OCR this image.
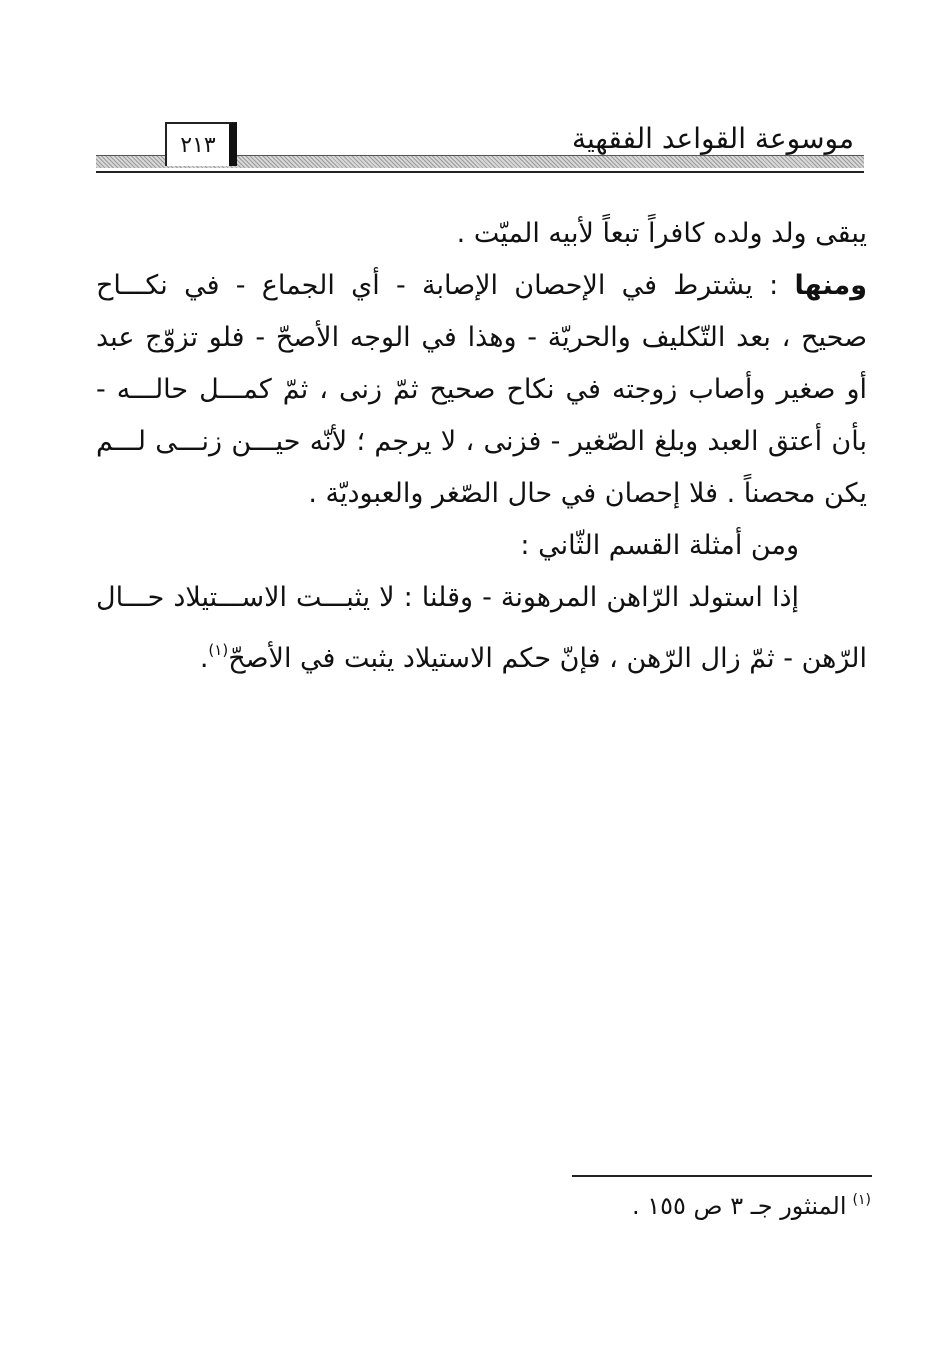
موسوعة القواعد الفقهية
٢١٣
يبقى ولد ولده كافراً تبعاً لأبيه الميّت .
ومنها : يشترط في الإحصان الإصابة - أي الجماع - في نكـــاح
صحيح ، بعد التّكليف والحريّة - وهذا في الوجه الأصحّ - فلو تزوّج عبد
أو صغير وأصاب زوجته في نكاح صحيح ثمّ زنى ، ثمّ كمـــل حالـــه -
بأن أعتق العبد وبلغ الصّغير - فزنى ، لا يرجم ؛ لأنّه حيـــن زنـــى لـــم
يكن محصناً . فلا إحصان في حال الصّغر والعبوديّة .
ومن أمثلة القسم الثّاني :
إذا استولد الرّاهن المرهونة - وقلنا : لا يثبـــت الاســـتيلاد حـــال
الرّهن - ثمّ زال الرّهن ، فإنّ حكم الاستيلاد يثبت في الأصحّ$^{(١)}$.
$^{(١)}$المنثور جـ ٣ ص ١٥٥ .
